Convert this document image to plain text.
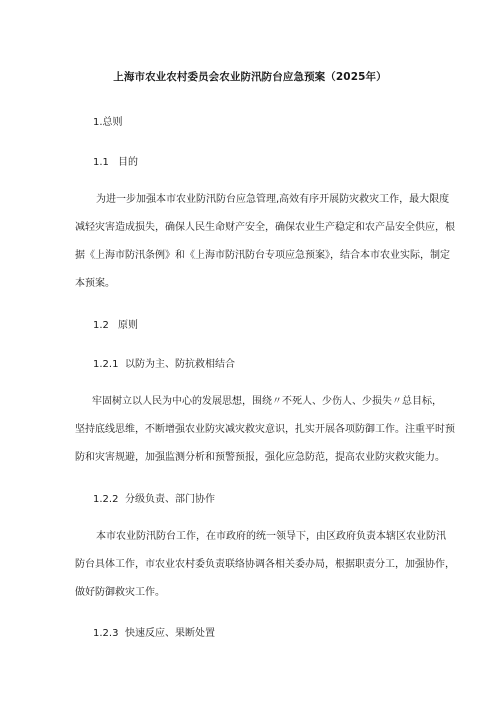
上海市农业农村委员会农业防汛防台应急预案（2025年）
1.总则
1.1 目的
为进一步加强本市农业防汛防台应急管理,高效有序开展防灾救灾工作，最大限度
减轻灾害造成损失，确保人民生命财产安全，确保农业生产稳定和农产品安全供应，根
据《上海市防汛条例》和《上海市防汛防台专项应急预案》，结合本市农业实际，制定
本预案。
1.2 原则
1.2.1 以防为主、防抗救相结合
牢固树立以人民为中心的发展思想，围绕〃不死人、少伤人、少损失〃总目标，
坚持底线思维，不断增强农业防灾减灾救灾意识，扎实开展各项防御工作。注重平时预
防和灾害规避，加强监测分析和预警预报，强化应急防范，提高农业防灾救灾能力。
1.2.2 分级负责、部门协作
本市农业防汛防台工作，在市政府的统一领导下，由区政府负责本辖区农业防汛
防台具体工作，市农业农村委负责联络协调各相关委办局，根据职责分工，加强协作，
做好防御救灾工作。
1.2.3 快速反应、果断处置
